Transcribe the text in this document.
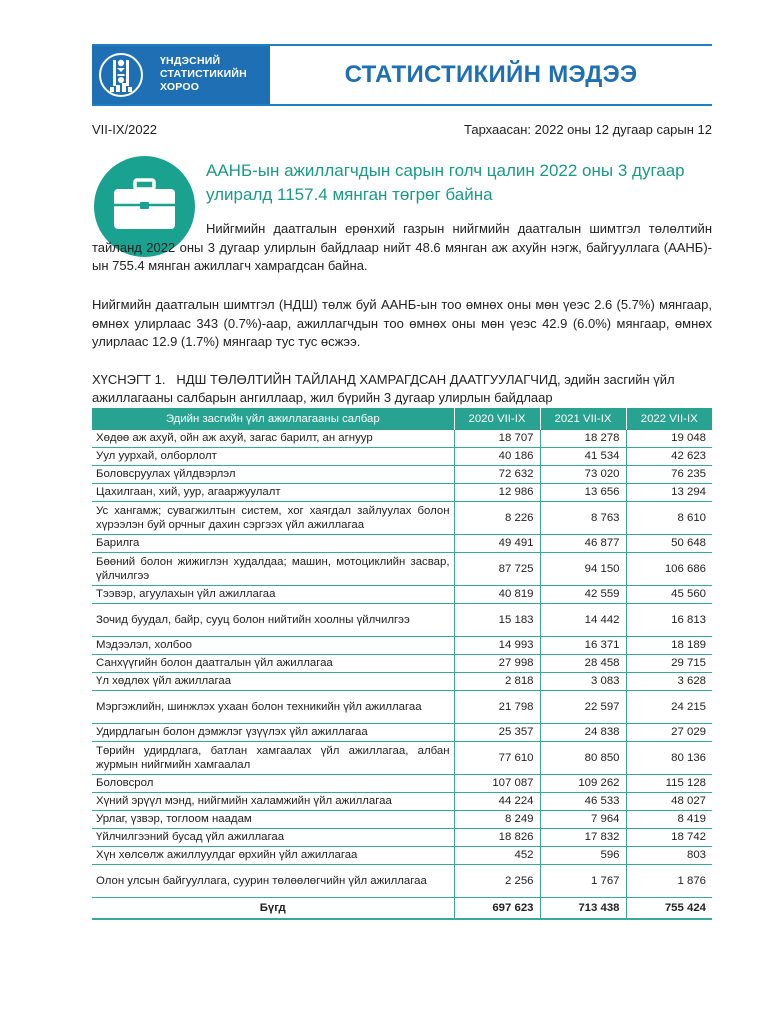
ҮНДЭСНИЙ
СТАТИСТИКИЙН
ХОРОО	СТАТИСТИКИЙН МЭДЭЭ
VII-IX/2022	Тархаасан: 2022 оны 12 дугаар сарын 12
ААНБ-ын ажиллагчдын сарын голч цалин 2022 оны 3 дугаар улиралд 1157.4 мянган төгрөг байна
Нийгмийн даатгалын ерөнхий газрын нийгмийн даатгалын шимтгэл төлөлтийн тайланд 2022 оны 3 дугаар улирлын байдлаар нийт 48.6 мянган аж ахуйн нэгж, байгууллага (ААНБ)-ын 755.4 мянган ажиллагч хамрагдсан байна.
Нийгмийн даатгалын шимтгэл (НДШ) төлж буй ААНБ-ын тоо өмнөх оны мөн үеэс 2.6 (5.7%) мянгаар, өмнөх улирлаас 343 (0.7%)-аар, ажиллагчдын тоо өмнөх оны мөн үеэс 42.9 (6.0%) мянгаар, өмнөх улирлаас 12.9 (1.7%) мянгаар тус тус өсжээ.
ХҮСНЭГТ 1. НДШ ТӨЛӨЛТИЙН ТАЙЛАНД ХАМРАГДСАН ДААТГУУЛАГЧИД, эдийн засгийн үйл ажиллагааны салбарын ангиллаар, жил бүрийн 3 дугаар улирлын байдлаар
Эдийн засгийн үйл ажиллагааны салбар	2020 VII-IX	2021 VII-IX	2022 VII-IX
Хөдөө аж ахуй, ойн аж ахуй, загас барилт, ан агнуур	18 707	18 278	19 048
Уул уурхай, олборлолт	40 186	41 534	42 623
Боловсруулах үйлдвэрлэл	72 632	73 020	76 235
Цахилгаан, хий, уур, агааржуулалт	12 986	13 656	13 294
Ус хангамж; сувагжилтын систем, хог хаягдал зайлуулах болон хүрээлэн буй орчныг дахин сэргээх үйл ажиллагаа	8 226	8 763	8 610
Барилга	49 491	46 877	50 648
Бөөний болон жижиглэн худалдаа; машин, мотоциклийн засвар, үйлчилгээ	87 725	94 150	106 686
Тээвэр, агуулахын үйл ажиллагаа	40 819	42 559	45 560
Зочид буудал, байр, сууц болон нийтийн хоолны үйлчилгээ	15 183	14 442	16 813
Мэдээлэл, холбоо	14 993	16 371	18 189
Санхүүгийн болон даатгалын үйл ажиллагаа	27 998	28 458	29 715
Үл хөдлөх үйл ажиллагаа	2 818	3 083	3 628
Мэргэжлийн, шинжлэх ухаан болон техникийн үйл ажиллагаа	21 798	22 597	24 215
Удирдлагын болон дэмжлэг үзүүлэх үйл ажиллагаа	25 357	24 838	27 029
Төрийн удирдлага, батлан хамгаалах үйл ажиллагаа, албан журмын нийгмийн хамгаалал	77 610	80 850	80 136
Боловсрол	107 087	109 262	115 128
Хүний эрүүл мэнд, нийгмийн халамжийн үйл ажиллагаа	44 224	46 533	48 027
Урлаг, үзвэр, тоглоом наадам	8 249	7 964	8 419
Үйлчилгээний бусад үйл ажиллагаа	18 826	17 832	18 742
Хүн хөлсөлж ажиллуулдаг өрхийн үйл ажиллагаа	452	596	803
Олон улсын байгууллага, суурин төлөөлөгчийн үйл ажиллагаа	2 256	1 767	1 876
Бүгд	697 623	713 438	755 424
